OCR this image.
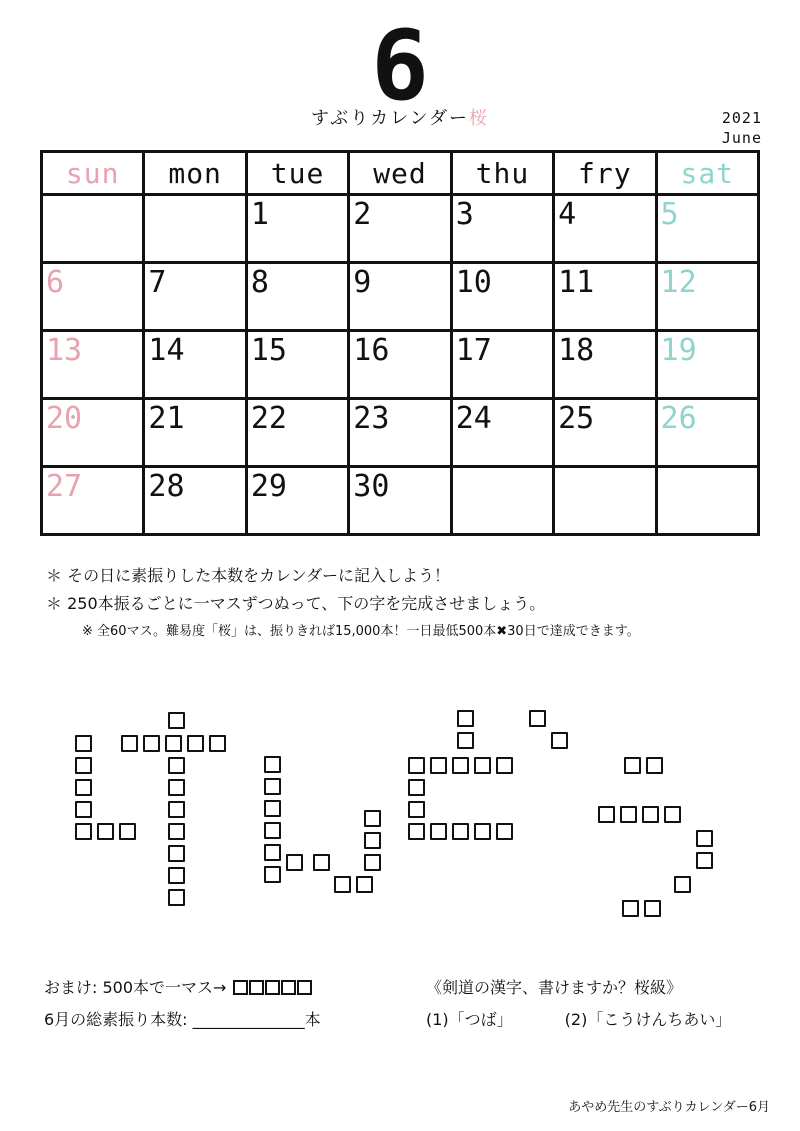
6
すぶりカレンダー桜	2021
June
sun	mon	tue	wed	thu	fry	sat
		1	2	3	4	5
6	7	8	9	10	11	12
13	14	15	16	17	18	19
20	21	22	23	24	25	26
27	28	29	30			
＊ その日に素振りした本数をカレンダーに記入しよう！
＊ 250本振るごとに一マスずつぬって、下の字を完成させましょう。
※ 全60マス。難易度「桜」は、振りきれば15,000本！一日最低500本✖30日で達成できます。
おまけ: 500本で一マス→
6月の総素振り本数: ______________本
《剣道の漢字、書けますか？桜級》
(1)「つば」	(2)「こうけんちあい」
あやめ先生のすぶりカレンダー6月
